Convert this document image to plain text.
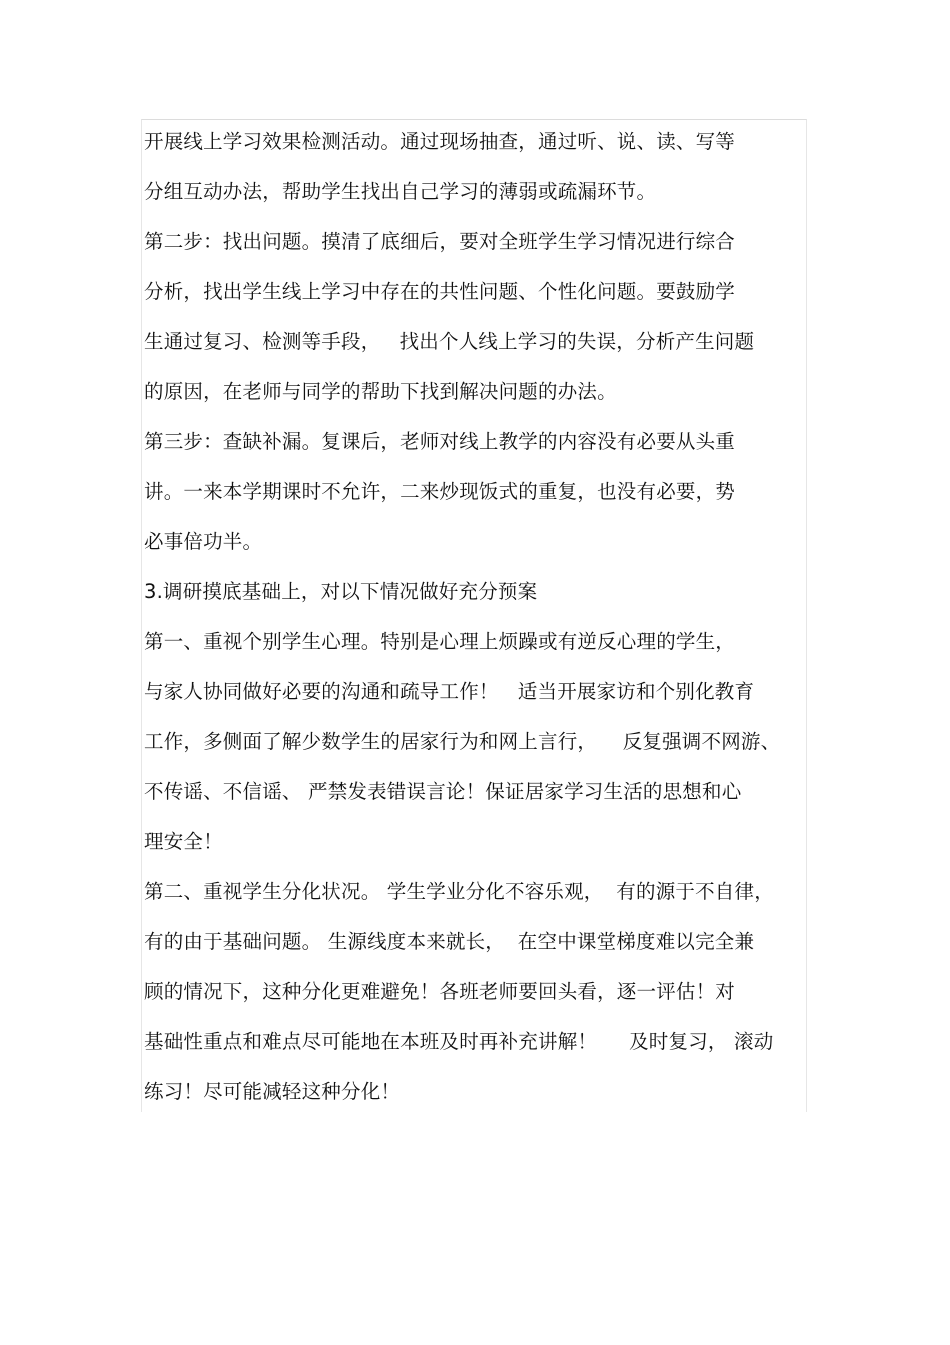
开展线上学习效果检测活动。通过现场抽查，通过听、说、读、写等
分组互动办法，帮助学生找出自己学习的薄弱或疏漏环节。
第二步：找出问题。摸清了底细后，要对全班学生学习情况进行综合
分析，找出学生线上学习中存在的共性问题、个性化问题。要鼓励学
生通过复习、检测等手段，   找出个人线上学习的失误，分析产生问题
的原因，在老师与同学的帮助下找到解决问题的办法。
第三步：查缺补漏。复课后，老师对线上教学的内容没有必要从头重
讲。一来本学期课时不允许，二来炒现饭式的重复，也没有必要，势
必事倍功半。
3.调研摸底基础上，对以下情况做好充分预案
第一、重视个别学生心理。特别是心理上烦躁或有逆反心理的学生，
与家人协同做好必要的沟通和疏导工作！   适当开展家访和个别化教育
工作，多侧面了解少数学生的居家行为和网上言行，    反复强调不网游、
不传谣、不信谣、 严禁发表错误言论！保证居家学习生活的思想和心
理安全！
第二、重视学生分化状况。 学生学业分化不容乐观，  有的源于不自律，
有的由于基础问题。 生源线度本来就长，  在空中课堂梯度难以完全兼
顾的情况下，这种分化更难避免！各班老师要回头看，逐一评估！对
基础性重点和难点尽可能地在本班及时再补充讲解！     及时复习， 滚动
练习！尽可能减轻这种分化！
